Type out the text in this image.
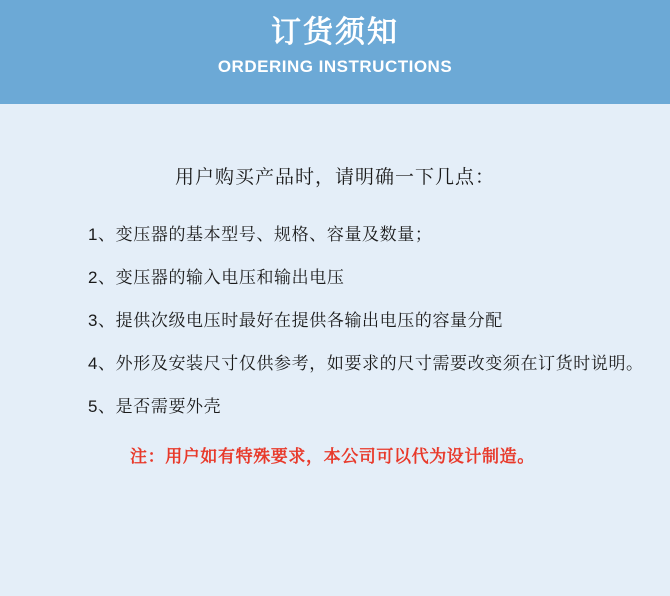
订货须知
ORDERING INSTRUCTIONS
用户购买产品时，请明确一下几点：
1、变压器的基本型号、规格、容量及数量；
2、变压器的输入电压和输出电压
3、提供次级电压时最好在提供各输出电压的容量分配
4、外形及安装尺寸仅供参考，如要求的尺寸需要改变须在订货时说明。
5、是否需要外壳
注：用户如有特殊要求，本公司可以代为设计制造。
